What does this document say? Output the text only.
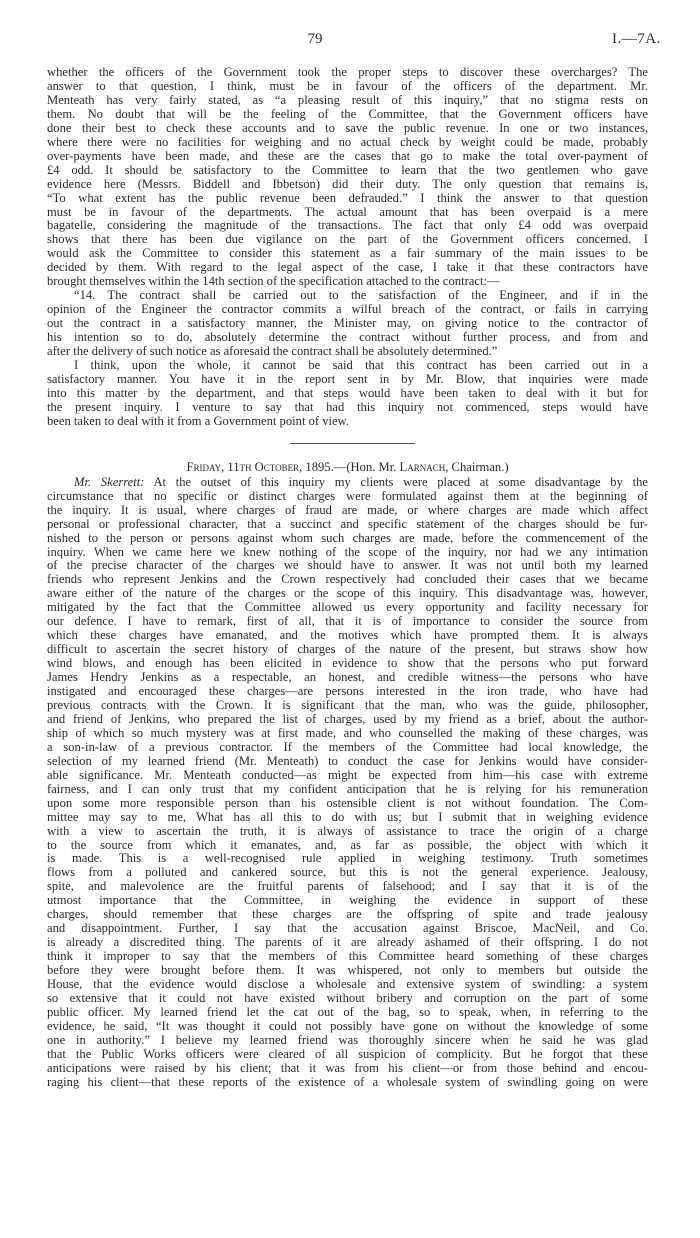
79	I.—7A.
whether the officers of the Government took the proper steps to discover these overcharges? The
answer to that question, I think, must be in favour of the officers of the department. Mr.
Menteath has very fairly stated, as “a pleasing result of this inquiry,” that no stigma rests on
them. No doubt that will be the feeling of the Committee, that the Government officers have
done their best to check these accounts and to save the public revenue. In one or two instances,
where there were no facilities for weighing and no actual check by weight could be made, probably
over-payments have been made, and these are the cases that go to make the total over-payment of
£4 odd. It should be satisfactory to the Committee to learn that the two gentlemen who gave
evidence here (Messrs. Biddell and Ibbetson) did their duty. The only question that remains is,
“To what extent has the public revenue been defrauded.” I think the answer to that question
must be in favour of the departments. The actual amount that has been overpaid is a mere
bagatelle, considering the magnitude of the transactions. The fact that only £4 odd was overpaid
shows that there has been due vigilance on the part of the Government officers concerned. I
would ask the Committee to consider this statement as a fair summary of the main issues to be
decided by them. With regard to the legal aspect of the case, I take it that these contractors have
brought themselves within the 14th section of the specification attached to the contract:—
“14. The contract shall be carried out to the satisfaction of the Engineer, and if in the
opinion of the Engineer the contractor commits a wilful breach of the contract, or fails in carrying
out the contract in a satisfactory manner, the Minister may, on giving notice to the contractor of
his intention so to do, absolutely determine the contract without further process, and from and
after the delivery of such notice as aforesaid the contract shall be absolutely determined.”
I think, upon the whole, it cannot be said that this contract has been carried out in a
satisfactory manner. You have it in the report sent in by Mr. Blow, that inquiries were made
into this matter by the department, and that steps would have been taken to deal with it but for
the present inquiry. I venture to say that had this inquiry not commenced, steps would have
been taken to deal with it from a Government point of view.
Friday, 11th October, 1895.—(Hon. Mr. Larnach, Chairman.)
Mr. Skerrett: At the outset of this inquiry my clients were placed at some disadvantage by the
circumstance that no specific or distinct charges were formulated against them at the beginning of
the inquiry. It is usual, where charges of fraud are made, or where charges are made which affect
personal or professional character, that a succinct and specific statement of the charges should be fur-
nished to the person or persons against whom such charges are made, before the commencement of the
inquiry. When we came here we knew nothing of the scope of the inquiry, nor had we any intimation
of the precise character of the charges we should have to answer. It was not until both my learned
friends who represent Jenkins and the Crown respectively had concluded their cases that we became
aware either of the nature of the charges or the scope of this inquiry. This disadvantage was, however,
mitigated by the fact that the Committee allowed us every opportunity and facility necessary for
our defence. I have to remark, first of all, that it is of importance to consider the source from
which these charges have emanated, and the motives which have prompted them. It is always
difficult to ascertain the secret history of charges of the nature of the present, but straws show how
wind blows, and enough has been elicited in evidence to show that the persons who put forward
James Hendry Jenkins as a respectable, an honest, and credible witness—the persons who have
instigated and encouraged these charges—are persons interested in the iron trade, who have had
previous contracts with the Crown. It is significant that the man, who was the guide, philosopher,
and friend of Jenkins, who prepared the list of charges, used by my friend as a brief, about the author-
ship of which so much mystery was at first made, and who counselled the making of these charges, was
a son-in-law of a previous contractor. If the members of the Committee had local knowledge, the
selection of my learned friend (Mr. Menteath) to conduct the case for Jenkins would have consider-
able significance. Mr. Menteath conducted—as might be expected from him—his case with extreme
fairness, and I can only trust that my confident anticipation that he is relying for his remuneration
upon some more responsible person than his ostensible client is not without foundation. The Com-
mittee may say to me, What has all this to do with us; but I submit that in weighing evidence
with a view to ascertain the truth, it is always of assistance to trace the origin of a charge
to the source from which it emanates, and, as far as possible, the object with which it
is made. This is a well-recognised rule applied in weighing testimony. Truth sometimes
flows from a polluted and cankered source, but this is not the general experience. Jealousy,
spite, and malevolence are the fruitful parents of falsehood; and I say that it is of the
utmost importance that the Committee, in weighing the evidence in support of these
charges, should remember that these charges are the offspring of spite and trade jealousy
and disappointment. Further, I say that the accusation against Briscoe, MacNeil, and Co.
is already a discredited thing. The parents of it are already ashamed of their offspring. I do not
think it improper to say that the members of this Committee heard something of these charges
before they were brought before them. It was whispered, not only to members but outside the
House, that the evidence would disclose a wholesale and extensive system of swindling: a system
so extensive that it could not have existed without bribery and corruption on the part of some
public officer. My learned friend let the cat out of the bag, so to speak, when, in referring to the
evidence, he said, “It was thought it could not possibly have gone on without the knowledge of some
one in authority.” I believe my learned friend was thoroughly sincere when he said he was glad
that the Public Works officers were cleared of all suspicion of complicity. But he forgot that these
anticipations were raised by his client; that it was from his client—or from those behind and encou-
raging his client—that these reports of the existence of a wholesale system of swindling going on were
